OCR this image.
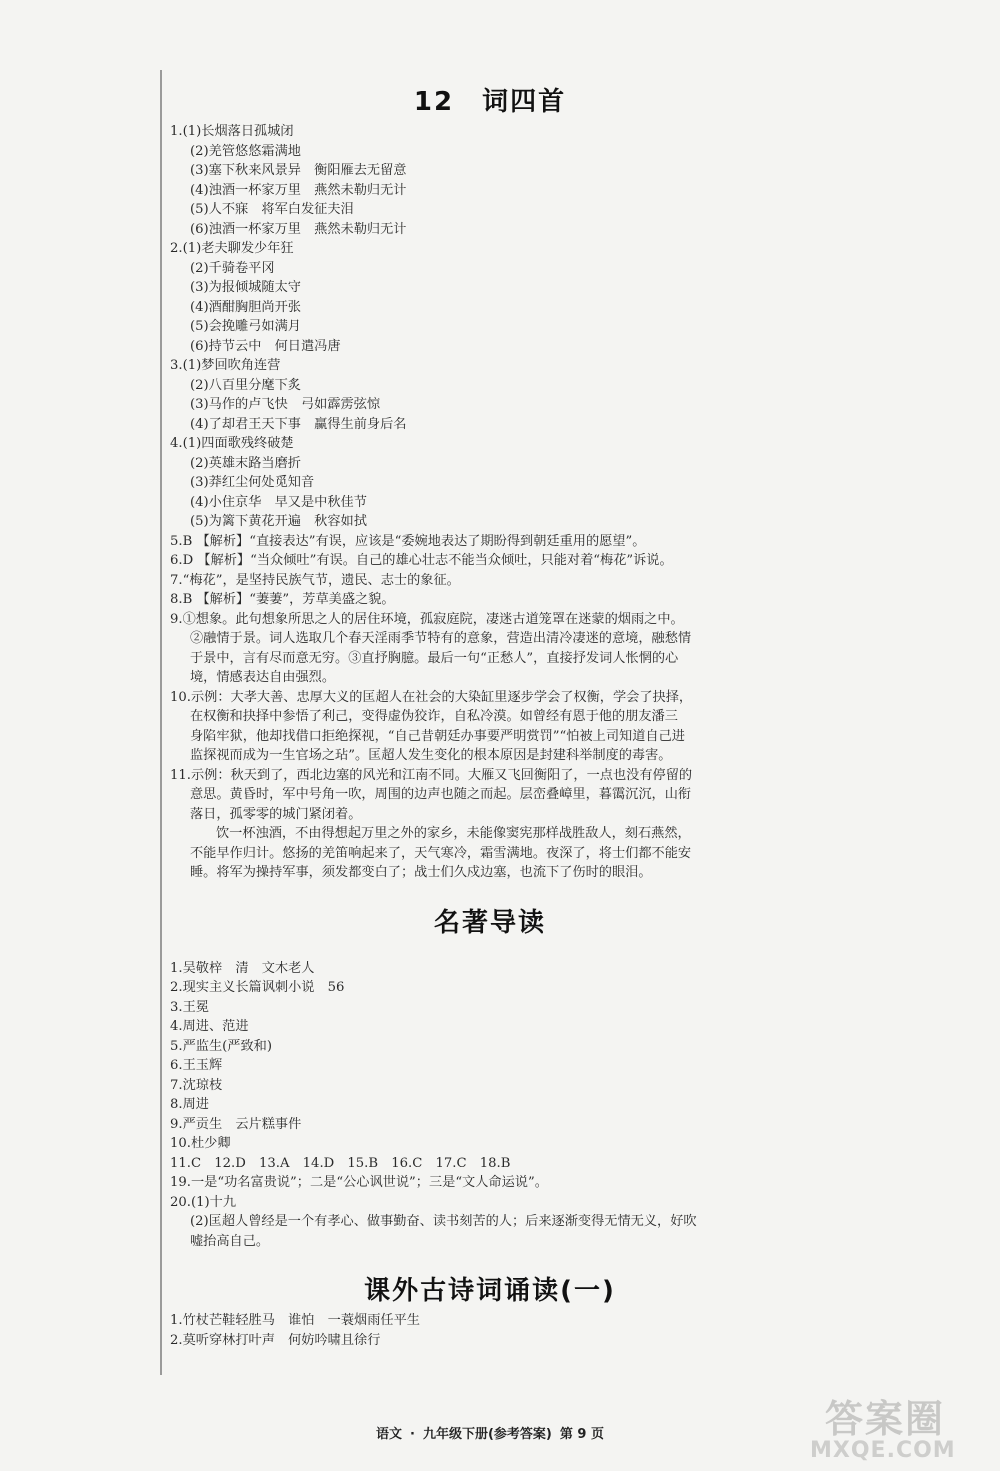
12　词四首
1.(1)长烟落日孤城闭
(2)羌管悠悠霜满地
(3)塞下秋来风景异　衡阳雁去无留意
(4)浊酒一杯家万里　燕然未勒归无计
(5)人不寐　将军白发征夫泪
(6)浊酒一杯家万里　燕然未勒归无计
2.(1)老夫聊发少年狂
(2)千骑卷平冈
(3)为报倾城随太守
(4)酒酣胸胆尚开张
(5)会挽雕弓如满月
(6)持节云中　何日遣冯唐
3.(1)梦回吹角连营
(2)八百里分麾下炙
(3)马作的卢飞快　弓如霹雳弦惊
(4)了却君王天下事　赢得生前身后名
4.(1)四面歌残终破楚
(2)英雄末路当磨折
(3)莽红尘何处觅知音
(4)小住京华　早又是中秋佳节
(5)为篱下黄花开遍　秋容如拭
5.B 【解析】“直接表达”有误，应该是“委婉地表达了期盼得到朝廷重用的愿望”。
6.D 【解析】“当众倾吐”有误。自己的雄心壮志不能当众倾吐，只能对着“梅花”诉说。
7.“梅花”，是坚持民族气节，遗民、志士的象征。
8.B 【解析】“萋萋”，芳草美盛之貌。
9.①想象。此句想象所思之人的居住环境，孤寂庭院，凄迷古道笼罩在迷蒙的烟雨之中。
②融情于景。词人选取几个春天淫雨季节特有的意象，营造出清冷凄迷的意境，融愁情
于景中，言有尽而意无穷。③直抒胸臆。最后一句“正愁人”，直接抒发词人怅惘的心
境，情感表达自由强烈。
10.示例：大孝大善、忠厚大义的匡超人在社会的大染缸里逐步学会了权衡，学会了抉择，
在权衡和抉择中参悟了利己，变得虚伪狡诈，自私冷漠。如曾经有恩于他的朋友潘三
身陷牢狱，他却找借口拒绝探视，“自己昔朝廷办事要严明赏罚”“怕被上司知道自己进
监探视而成为一生官场之玷”。匡超人发生变化的根本原因是封建科举制度的毒害。
11.示例：秋天到了，西北边塞的风光和江南不同。大雁又飞回衡阳了，一点也没有停留的
意思。黄昏时，军中号角一吹，周围的边声也随之而起。层峦叠嶂里，暮霭沉沉，山衔
落日，孤零零的城门紧闭着。
饮一杯浊酒，不由得想起万里之外的家乡，未能像窦宪那样战胜敌人，刻石燕然，
不能早作归计。悠扬的羌笛响起来了，天气寒冷，霜雪满地。夜深了，将士们都不能安
睡。将军为操持军事，须发都变白了；战士们久戍边塞，也流下了伤时的眼泪。
名著导读
1.吴敬梓　清　文木老人
2.现实主义长篇讽刺小说　56
3.王冕
4.周进、范进
5.严监生(严致和)
6.王玉辉
7.沈琼枝
8.周进
9.严贡生　云片糕事件
10.杜少卿
11.C　12.D　13.A　14.D　15.B　16.C　17.C　18.B
19.一是“功名富贵说”；二是“公心讽世说”；三是“文人命运说”。
20.(1)十九
(2)匡超人曾经是一个有孝心、做事勤奋、读书刻苦的人；后来逐渐变得无情无义，好吹
嘘抬高自己。
课外古诗词诵读(一)
1.竹杖芒鞋轻胜马　谁怕　一蓑烟雨任平生
2.莫听穿林打叶声　何妨吟啸且徐行
语文 · 九年级下册(参考答案) 第 9 页	答案圈
MXQE.COM
